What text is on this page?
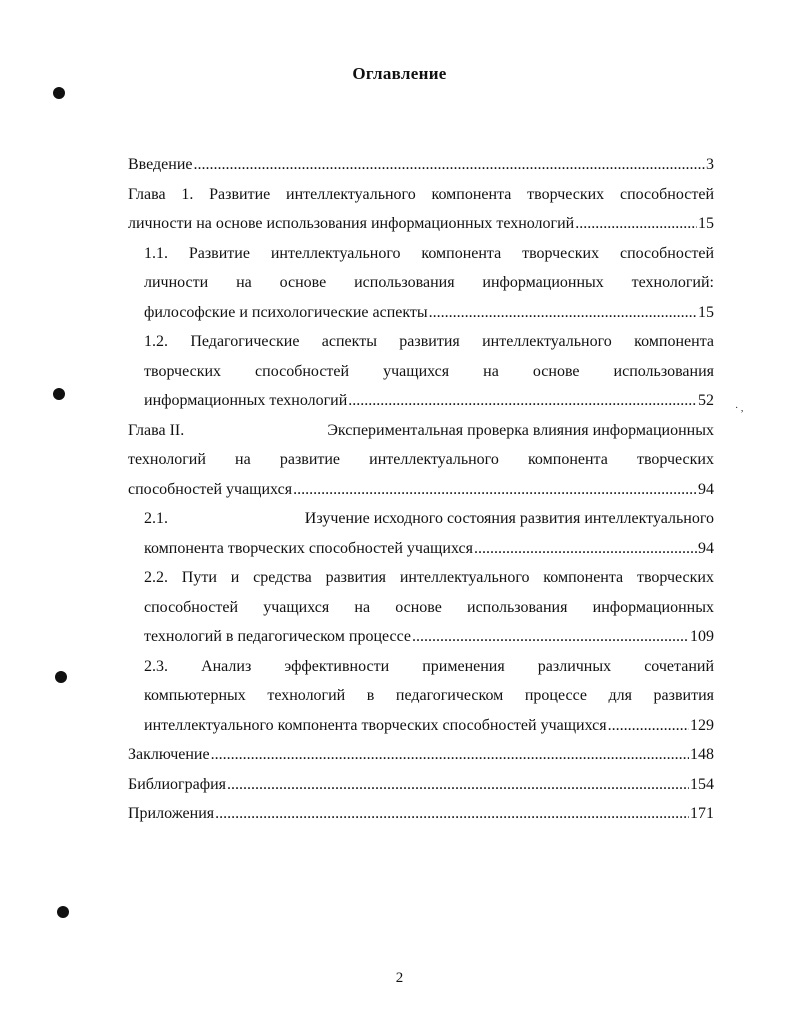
· ,
Оглавление
Введение .....	3
Глава 1. Развитие интеллектуального компонента творческих способностей
личности на основе использования информационных технологий .....	15
1.1. Развитие интеллектуального компонента творческих способностей
личности на основе использования информационных технологий:
философские и психологические аспекты .....	15
1.2. Педагогические аспекты развития интеллектуального компонента
творческих способностей учащихся на основе использования
информационных технологий .....	52
Глава II.	Экспериментальная проверка влияния информационных
технологий на развитие интеллектуального компонента творческих
способностей учащихся .....	94
2.1.	Изучение исходного состояния развития интеллектуального
компонента творческих способностей учащихся .....	94
2.2. Пути и средства развития интеллектуального компонента творческих
способностей учащихся на основе использования информационных
технологий в педагогическом процессе .....	109
2.3. Анализ эффективности применения различных сочетаний
компьютерных технологий в педагогическом процессе для развития
интеллектуального компонента творческих способностей учащихся .....	129
Заключение .....	148
Библиография .....	154
Приложения .....	171
2
